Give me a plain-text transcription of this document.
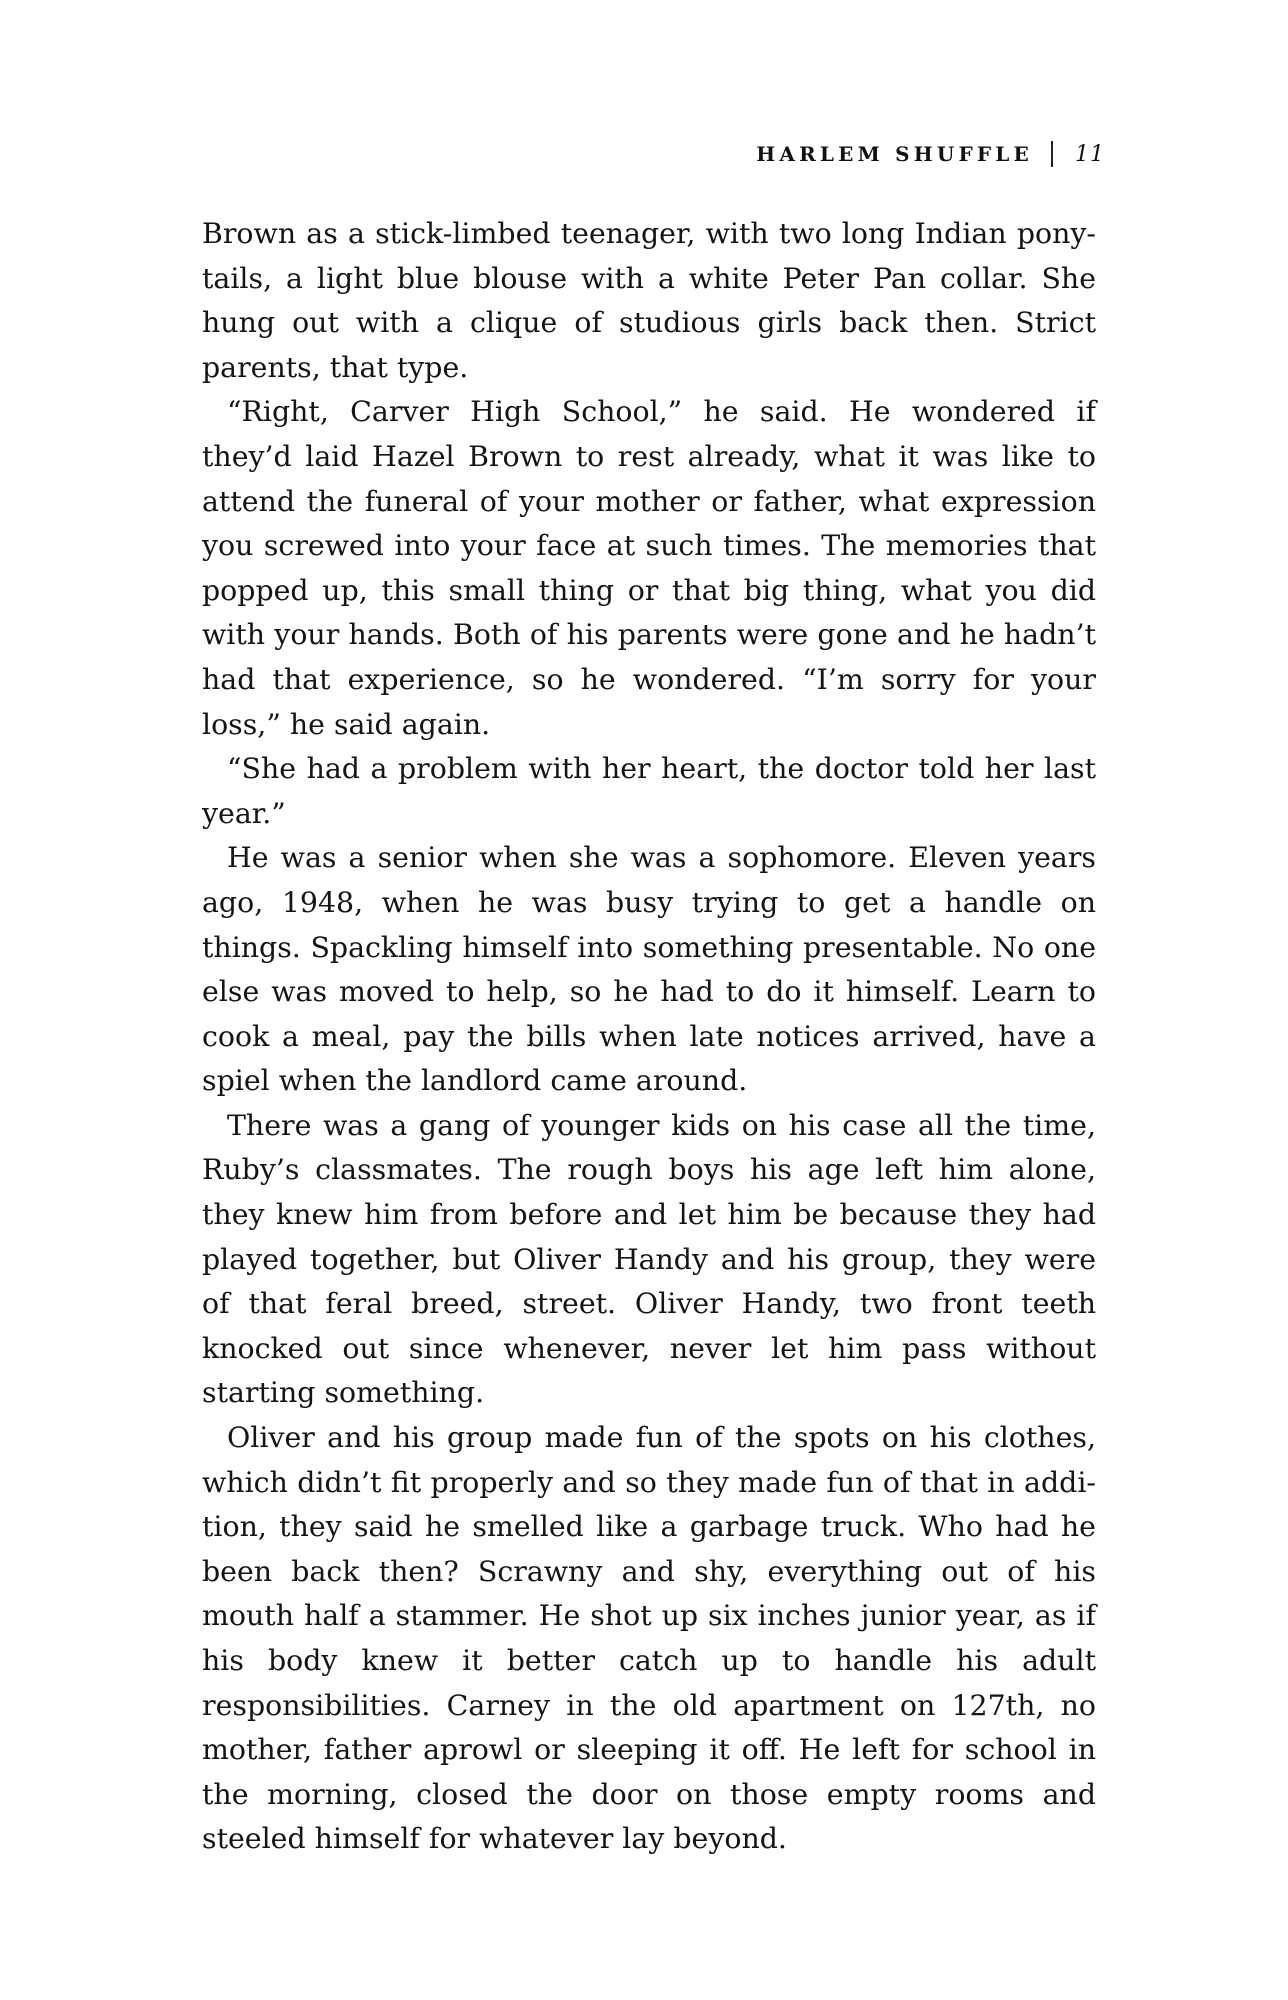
HARLEM SHUFFLE 11

Brown as a stick-limbed teenager, with two long Indian ponytails, a light blue blouse with a white Peter Pan collar. She hung out with a clique of studious girls back then. Strict parents, that type.

“Right, Carver High School,” he said. He wondered if they’d laid Hazel Brown to rest already, what it was like to attend the funeral of your mother or father, what expression you screwed into your face at such times. The memories that popped up, this small thing or that big thing, what you did with your hands. Both of his parents were gone and he hadn’t had that experience, so he wondered. “I’m sorry for your loss,” he said again.

“She had a problem with her heart, the doctor told her last year.”

He was a senior when she was a sophomore. Eleven years ago, 1948, when he was busy trying to get a handle on things. Spackling himself into something presentable. No one else was moved to help, so he had to do it himself. Learn to cook a meal, pay the bills when late notices arrived, have a spiel when the landlord came around.

There was a gang of younger kids on his case all the time, Ruby’s classmates. The rough boys his age left him alone, they knew him from before and let him be because they had played together, but Oliver Handy and his group, they were of that feral breed, street. Oliver Handy, two front teeth knocked out since whenever, never let him pass without starting something.

Oliver and his group made fun of the spots on his clothes, which didn’t fit properly and so they made fun of that in addition, they said he smelled like a garbage truck. Who had he been back then? Scrawny and shy, everything out of his mouth half a stammer. He shot up six inches junior year, as if his body knew it better catch up to handle his adult responsibilities. Carney in the old apartment on 127th, no mother, father aprowl or sleeping it off. He left for school in the morning, closed the door on those empty rooms and steeled himself for whatever lay beyond.
